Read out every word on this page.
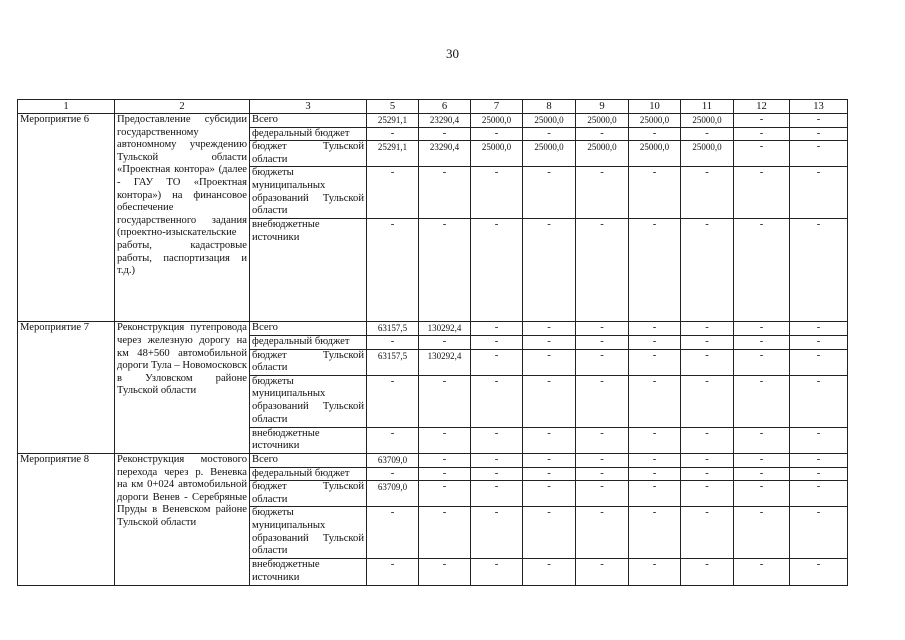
30
1	2	3	5	6	7	8	9	10	11	12	13
Мероприятие 6	Предоставление субсидии государственному автономному учреждению Тульской области «Проектная контора» (далее - ГАУ ТО «Проектная контора») на финансовое обеспечение государственного задания (проектно-изыскательские работы, кадастровые работы, паспортизация и т.д.)	Всего	25291,1	23290,4	25000,0	25000,0	25000,0	25000,0	25000,0	-	-
		федеральный бюджет	-	-	-	-	-	-	-	-	-
		бюджет Тульской области	25291,1	23290,4	25000,0	25000,0	25000,0	25000,0	25000,0	-	-
		бюджеты муниципальных образований Тульской области	-	-	-	-	-	-	-	-	-
		внебюджетные источники	-	-	-	-	-	-	-	-	-
Мероприятие 7	Реконструкция путепровода через железную дорогу на км 48+560 автомобильной дороги Тула – Новомосковск в Узловском районе Тульской области	Всего	63157,5	130292,4	-	-	-	-	-	-	-
		федеральный бюджет	-	-	-	-	-	-	-	-	-
		бюджет Тульской области	63157,5	130292,4	-	-	-	-	-	-	-
		бюджеты муниципальных образований Тульской области	-	-	-	-	-	-	-	-	-
		внебюджетные источники	-	-	-	-	-	-	-	-	-
Мероприятие 8	Реконструкция мостового перехода через р. Веневка на км 0+024 автомобильной дороги Венев - Серебряные Пруды в Веневском районе Тульской области	Всего	63709,0	-	-	-	-	-	-	-	-
		федеральный бюджет	-	-	-	-	-	-	-	-	-
		бюджет Тульской области	63709,0	-	-	-	-	-	-	-	-
		бюджеты муниципальных образований Тульской области	-	-	-	-	-	-	-	-	-
		внебюджетные источники	-	-	-	-	-	-	-	-	-
